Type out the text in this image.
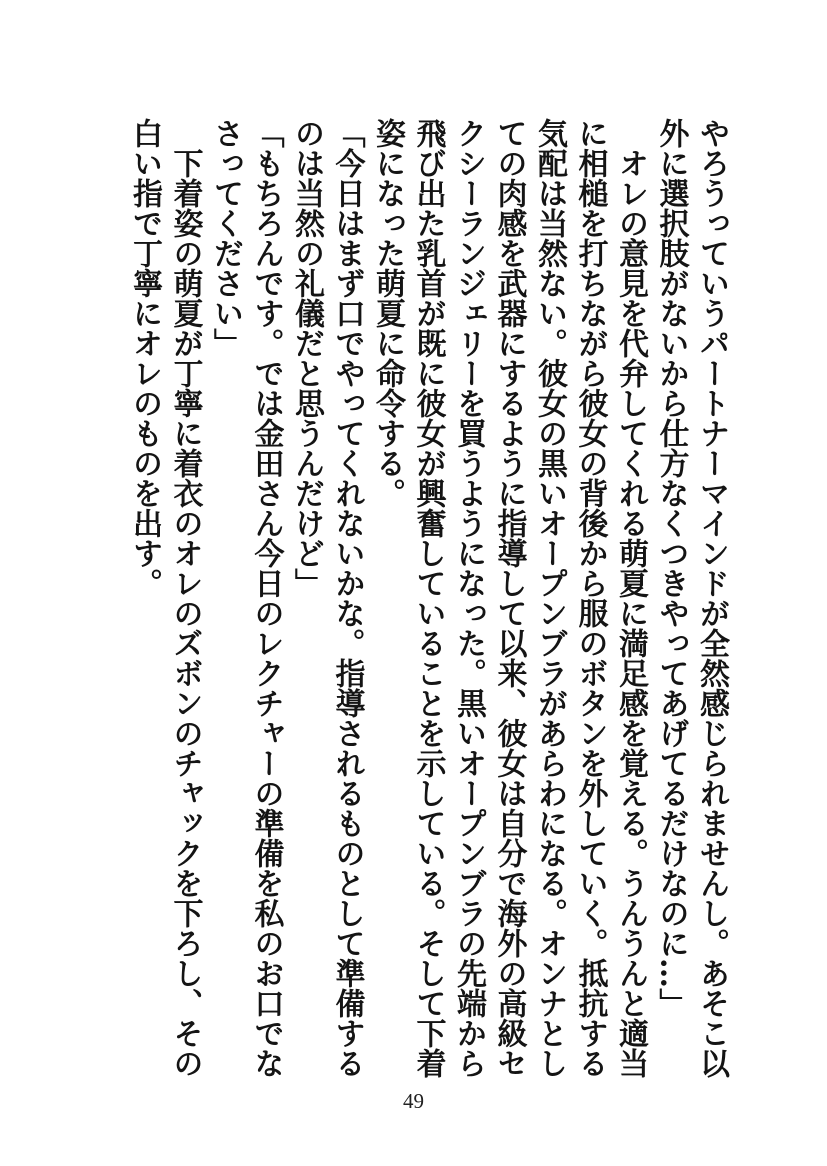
やろうっていうパートナーマインドが全然感じられませんし。あそこ以外に選択肢がないから仕方なくつきやってあげてるだけなのに…」

　オレの意見を代弁してくれる萌夏に満足感を覚える。うんうんと適当に相槌を打ちながら彼女の背後から服のボタンを外していく。抵抗する気配は当然ない。彼女の黒いオープンブラがあらわになる。オンナとしての肉感を武器にするように指導して以来、彼女は自分で海外の高級セクシーランジェリーを買うようになった。黒いオープンブラの先端から飛び出た乳首が既に彼女が興奮していることを示している。そして下着姿になった萌夏に命令する。

「今日はまず口でやってくれないかな。指導されるものとして準備するのは当然の礼儀だと思うんだけど」

「もちろんです。では金田さん今日のレクチャーの準備を私のお口でなさってください」

　下着姿の萌夏が丁寧に着衣のオレのズボンのチャックを下ろし、その白い指で丁寧にオレのものを出す。

49
